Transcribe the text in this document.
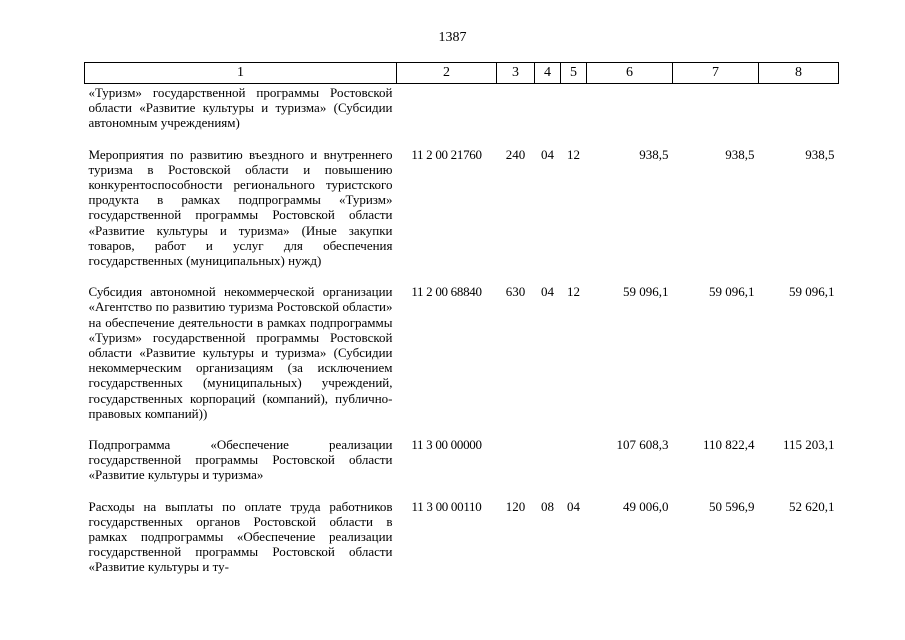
1387
1	2	3	4	5	6	7	8
«Туризм» государственной программы Ростовской области «Развитие культуры и туризма» (Субсидии автономным учреждениям)							

Мероприятия по развитию въездного и внутреннего туризма в Ростовской области и повышению конкурентоспособности регионального туристского продукта в рамках подпрограммы «Туризм» государственной программы Ростовской области «Развитие культуры и туризма» (Иные закупки товаров, работ и услуг для обеспечения государственных (муниципальных) нужд)	11 2 00 21760	240	04	12	938,5	938,5	938,5

Субсидия автономной некоммерческой организации «Агентство по развитию туризма Ростовской области» на обеспечение деятельности в рамках подпрограммы «Туризм» государственной программы Ростовской области «Развитие культуры и туризма» (Субсидии некоммерческим организациям (за исключением государственных (муниципальных) учреждений, государственных корпораций (компаний), публично-правовых компаний))	11 2 00 68840	630	04	12	59 096,1	59 096,1	59 096,1

Подпрограмма «Обеспечение реализации государственной программы Ростовской области «Развитие культуры и туризма»	11 3 00 00000				107 608,3	110 822,4	115 203,1

Расходы на выплаты по оплате труда работников государственных органов Ростовской области в рамках подпрограммы «Обеспечение реализации государственной программы Ростовской области «Развитие культуры и ту-	11 3 00 00110	120	08	04	49 006,0	50 596,9	52 620,1
